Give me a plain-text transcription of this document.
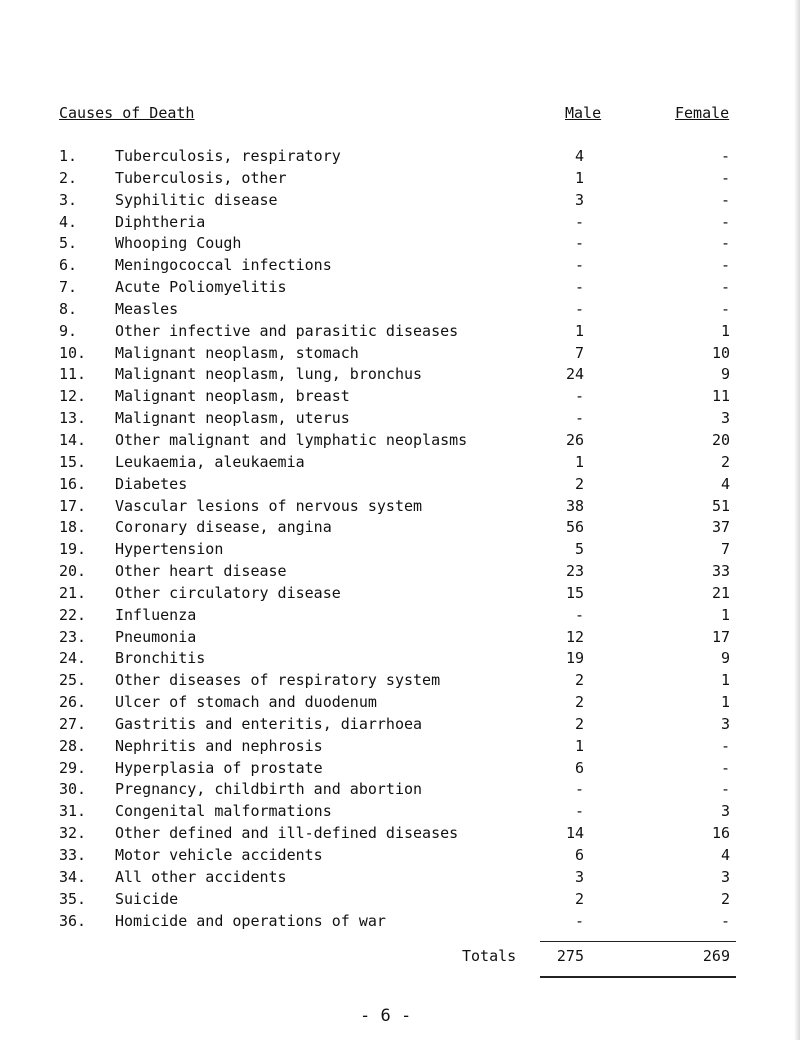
Causes of Death	Male	Female
1.	Tuberculosis, respiratory	4	-
2.	Tuberculosis, other	1	-
3.	Syphilitic disease	3	-
4.	Diphtheria	-	-
5.	Whooping Cough	-	-
6.	Meningococcal infections	-	-
7.	Acute Poliomyelitis	-	-
8.	Measles	-	-
9.	Other infective and parasitic diseases	1	1
10. Malignant neoplasm, stomach	7	10
11. Malignant neoplasm, lung, bronchus	24	9
12. Malignant neoplasm, breast	-	11
13. Malignant neoplasm, uterus	-	3
14. Other malignant and lymphatic neoplasms	26	20
15. Leukaemia, aleukaemia	1	2
16. Diabetes	2	4
17. Vascular lesions of nervous system	38	51
18. Coronary disease, angina	56	37
19. Hypertension	5	7
20. Other heart disease	23	33
21. Other circulatory disease	15	21
22. Influenza	-	1
23. Pneumonia	12	17
24. Bronchitis	19	9
25. Other diseases of respiratory system	2	1
26. Ulcer of stomach and duodenum	2	1
27. Gastritis and enteritis, diarrhoea	2	3
28. Nephritis and nephrosis	1	-
29. Hyperplasia of prostate	6	-
30. Pregnancy, childbirth and abortion	-	-
31. Congenital malformations	-	3
32. Other defined and ill-defined diseases	14	16
33. Motor vehicle accidents	6	4
34. All other accidents	3	3
35. Suicide	2	2
36. Homicide and operations of war	-	-
Totals	275	269
- 6 -
